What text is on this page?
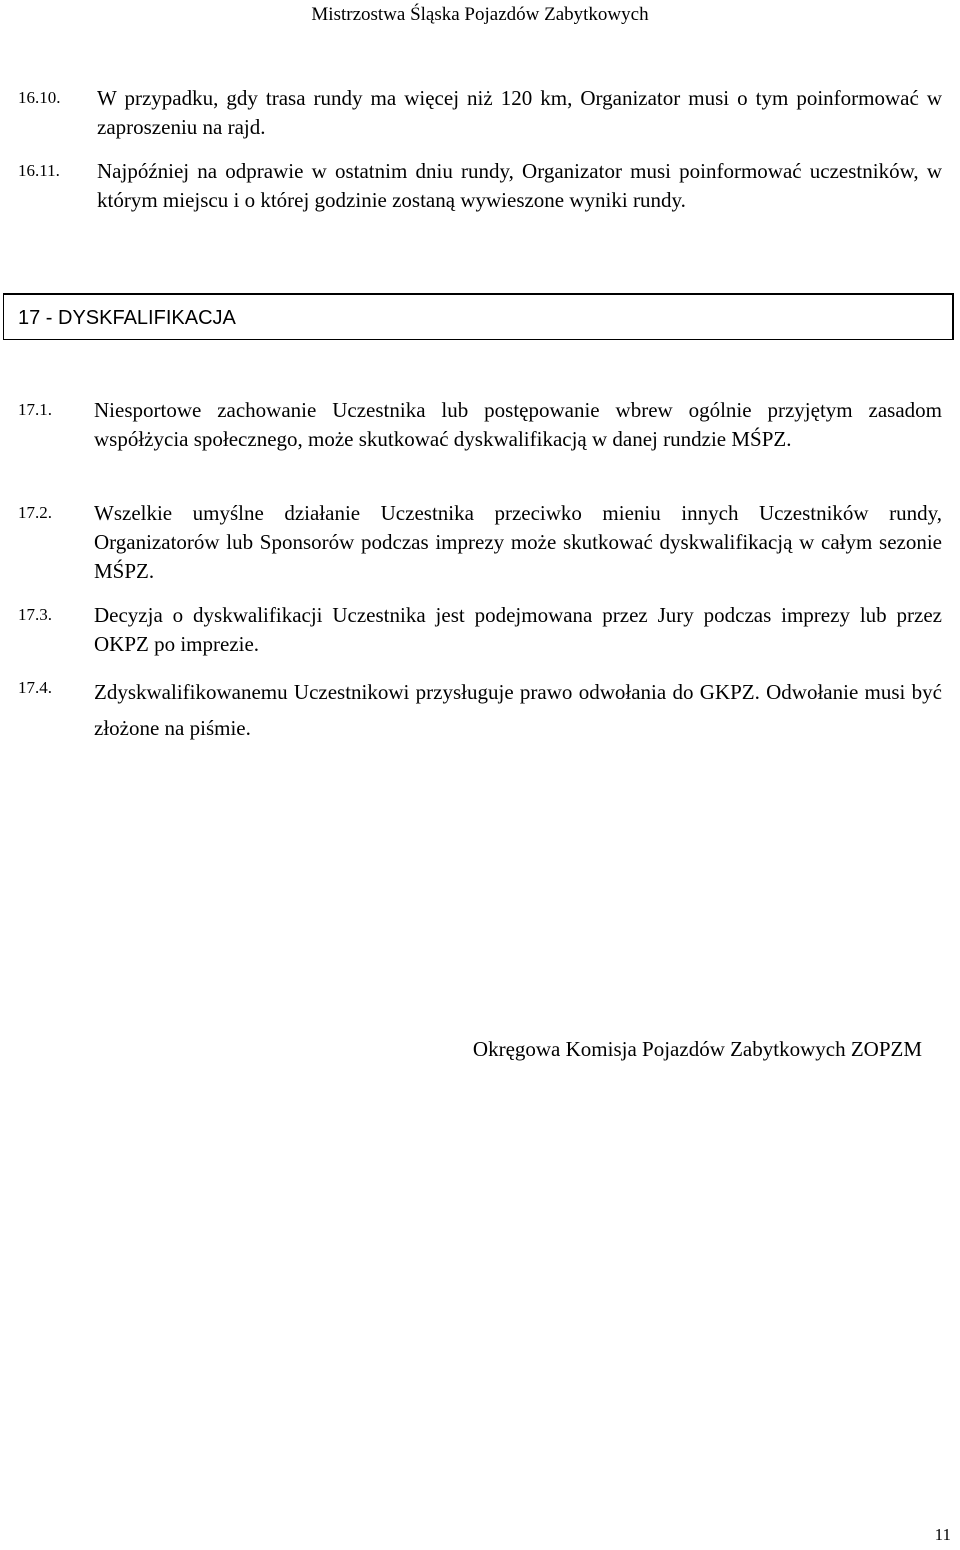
Mistrzostwa Śląska Pojazdów Zabytkowych
16.10. W przypadku, gdy trasa rundy ma więcej niż 120 km, Organizator musi o tym poinformować w zaproszeniu na rajd.
16.11. Najpóźniej na odprawie w ostatnim dniu rundy, Organizator musi poinformować uczestników, w którym miejscu i o której godzinie zostaną wywieszone wyniki rundy.
17 - DYSKFALIFIKACJA
17.1. Niesportowe zachowanie Uczestnika lub postępowanie wbrew ogólnie przyjętym zasadom współżycia społecznego, może skutkować dyskwalifikacją w danej rundzie MŚPZ.
17.2. Wszelkie umyślne działanie Uczestnika przeciwko mieniu innych Uczestników rundy, Organizatorów lub Sponsorów podczas imprezy może skutkować dyskwalifikacją w całym sezonie MŚPZ.
17.3. Decyzja o dyskwalifikacji Uczestnika jest podejmowana przez Jury podczas imprezy lub przez OKPZ po imprezie.
17.4. Zdyskwalifikowanemu Uczestnikowi przysługuje prawo odwołania do GKPZ. Odwołanie musi być złożone na piśmie.
Okręgowa Komisja Pojazdów Zabytkowych ZOPZM
11
